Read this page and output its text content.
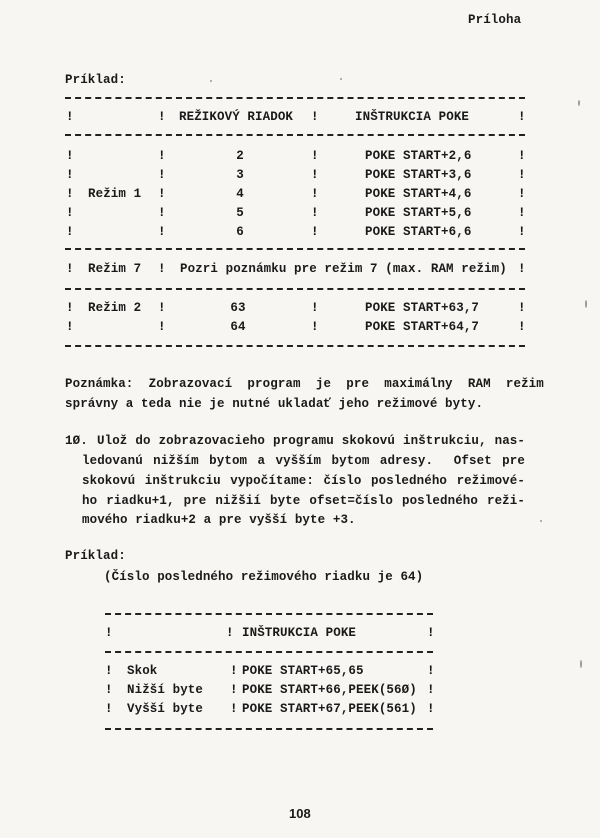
Príloha
Príklad:
!	! REŽIKOVÝ RIADOK !	INŠTRUKCIA POKE	!
!	!	2	!	POKE START+2,6	!
!	!	3	!	POKE START+3,6	!
! Režim 1 !	4	!	POKE START+4,6	!
!	!	5	!	POKE START+5,6	!
!	!	6	!	POKE START+6,6	!
! Režim 7 ! Pozri poznámku pre režim 7 (max. RAM režim) !
! Režim 2 !	63	!	POKE START+63,7	!
!	!	64	!	POKE START+64,7	!
Poznámka:  Zobrazovací  program  je  pre  maximálny  RAM  režim
správny a teda nie je nutné ukladať jeho režimové byty.
1Ø. Ulož do zobrazovacieho programu skokovú inštrukciu, nas-
ledovanú nižším bytom a vyšším bytom adresy.  Ofset pre
skokovú inštrukciu vypočítame: číslo posledného režimové-
ho riadku+1, pre nižšií byte ofset=číslo posledného reži-
mového riadku+2 a pre vyšší byte +3.
Príklad:
(Číslo posledného režimového riadku je 64)
!	! INŠTRUKCIA POKE	!
! Skok	! POKE START+65,65	!
! Nižší byte ! POKE START+66,PEEK(56Ø) !
! Vyšší byte ! POKE START+67,PEEK(561) !
108
